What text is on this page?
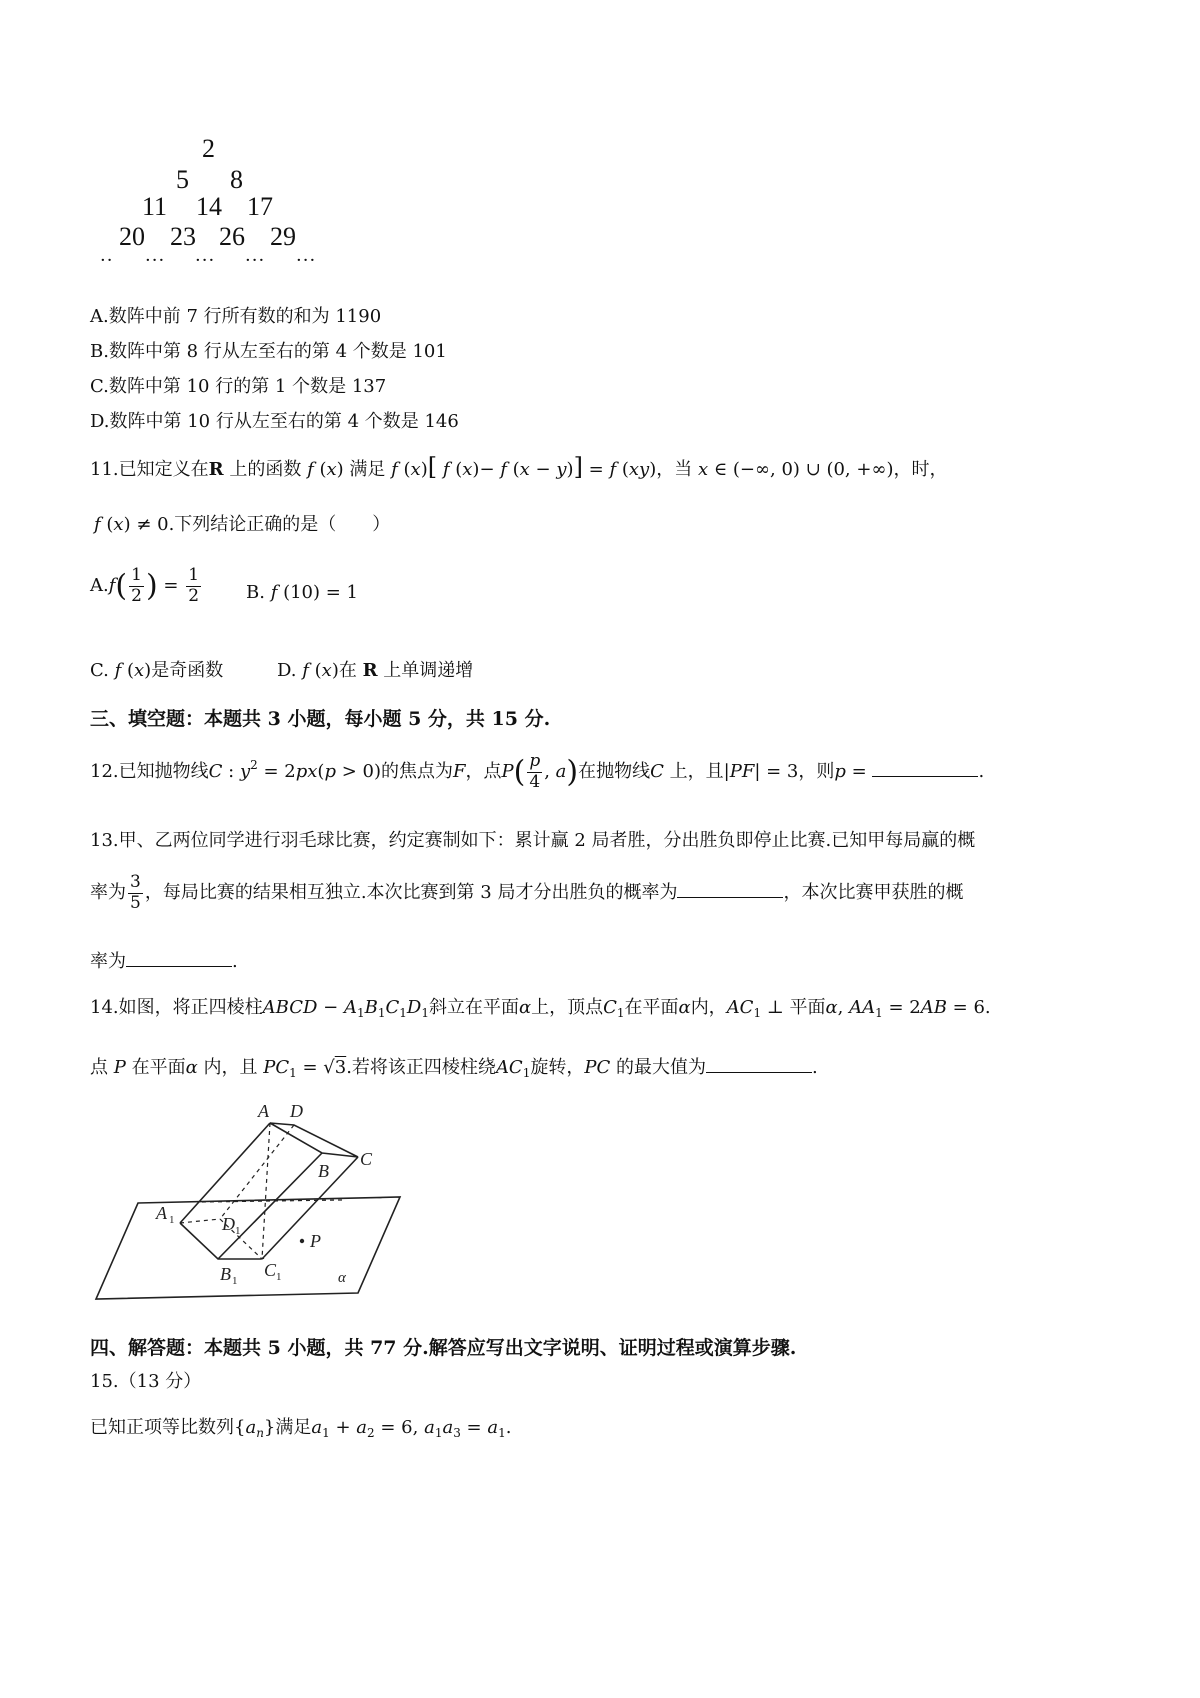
2
5 8
11 14 17
20 23 26 29
·· ··· ··· ··· ···
A.数阵中前 7 行所有数的和为 1190
B.数阵中第 8 行从左至右的第 4 个数是 101
C.数阵中第 10 行的第 1 个数是 137
D.数阵中第 10 行从左至右的第 4 个数是 146
11.已知定义在R 上的函数 f (x) 满足 f (x)[ f (x)− f (x − y)] = f (xy)，当 x ∈ (−∞, 0) ∪ (0, +∞)，时，
f (x) ≠ 0.下列结论正确的是（　　）
$A.f( \frac{1}{2}$ ) = $\frac{1}{2} B$. f (10) = 1
C. f (x)是奇函数	D. f (x)在 R 上单调递增
三、填空题：本题共 3 小题，每小题 5 分，共 15 分.
12.已知抛物线C : $y^2 = 2px(p > 0)$的焦点为F，点$P( \frac{p}{4}$ , a)在抛物线C 上，且|PF| = 3，则p =	.
13.甲、乙两位同学进行羽毛球比赛，约定赛制如下：累计赢 2 局者胜，分出胜负即停止比赛.已知甲每局赢的概
率为 $\frac{3}{5}$ ，每局比赛的结果相互独立.本次比赛到第 3 局才分出胜负的概率为	，本次比赛甲获胜的概
率为	.
14.如图，将正四棱柱ABCD − $A_1B_1C_1D_1$斜立在平面α上，顶点$C_1$在平面α内，$AC_1$ ⊥ 平面α, $AA_1 = 2AB = 6$.
点 P 在平面α 内，且 $PC_1 = √3$.若将该正四棱柱绕$AC_1$旋转，PC 的最大值为	.
A D
C
B
A 1	D 1
B 1
C 1
P
α
四、解答题：本题共 5 小题，共 77 分.解答应写出文字说明、证明过程或演算步骤.
15.（13 分）
已知正项等比数列$\{a_n\}$满足$a_1 + a_2 = 6$, $a_1a_3 = a_1$.
